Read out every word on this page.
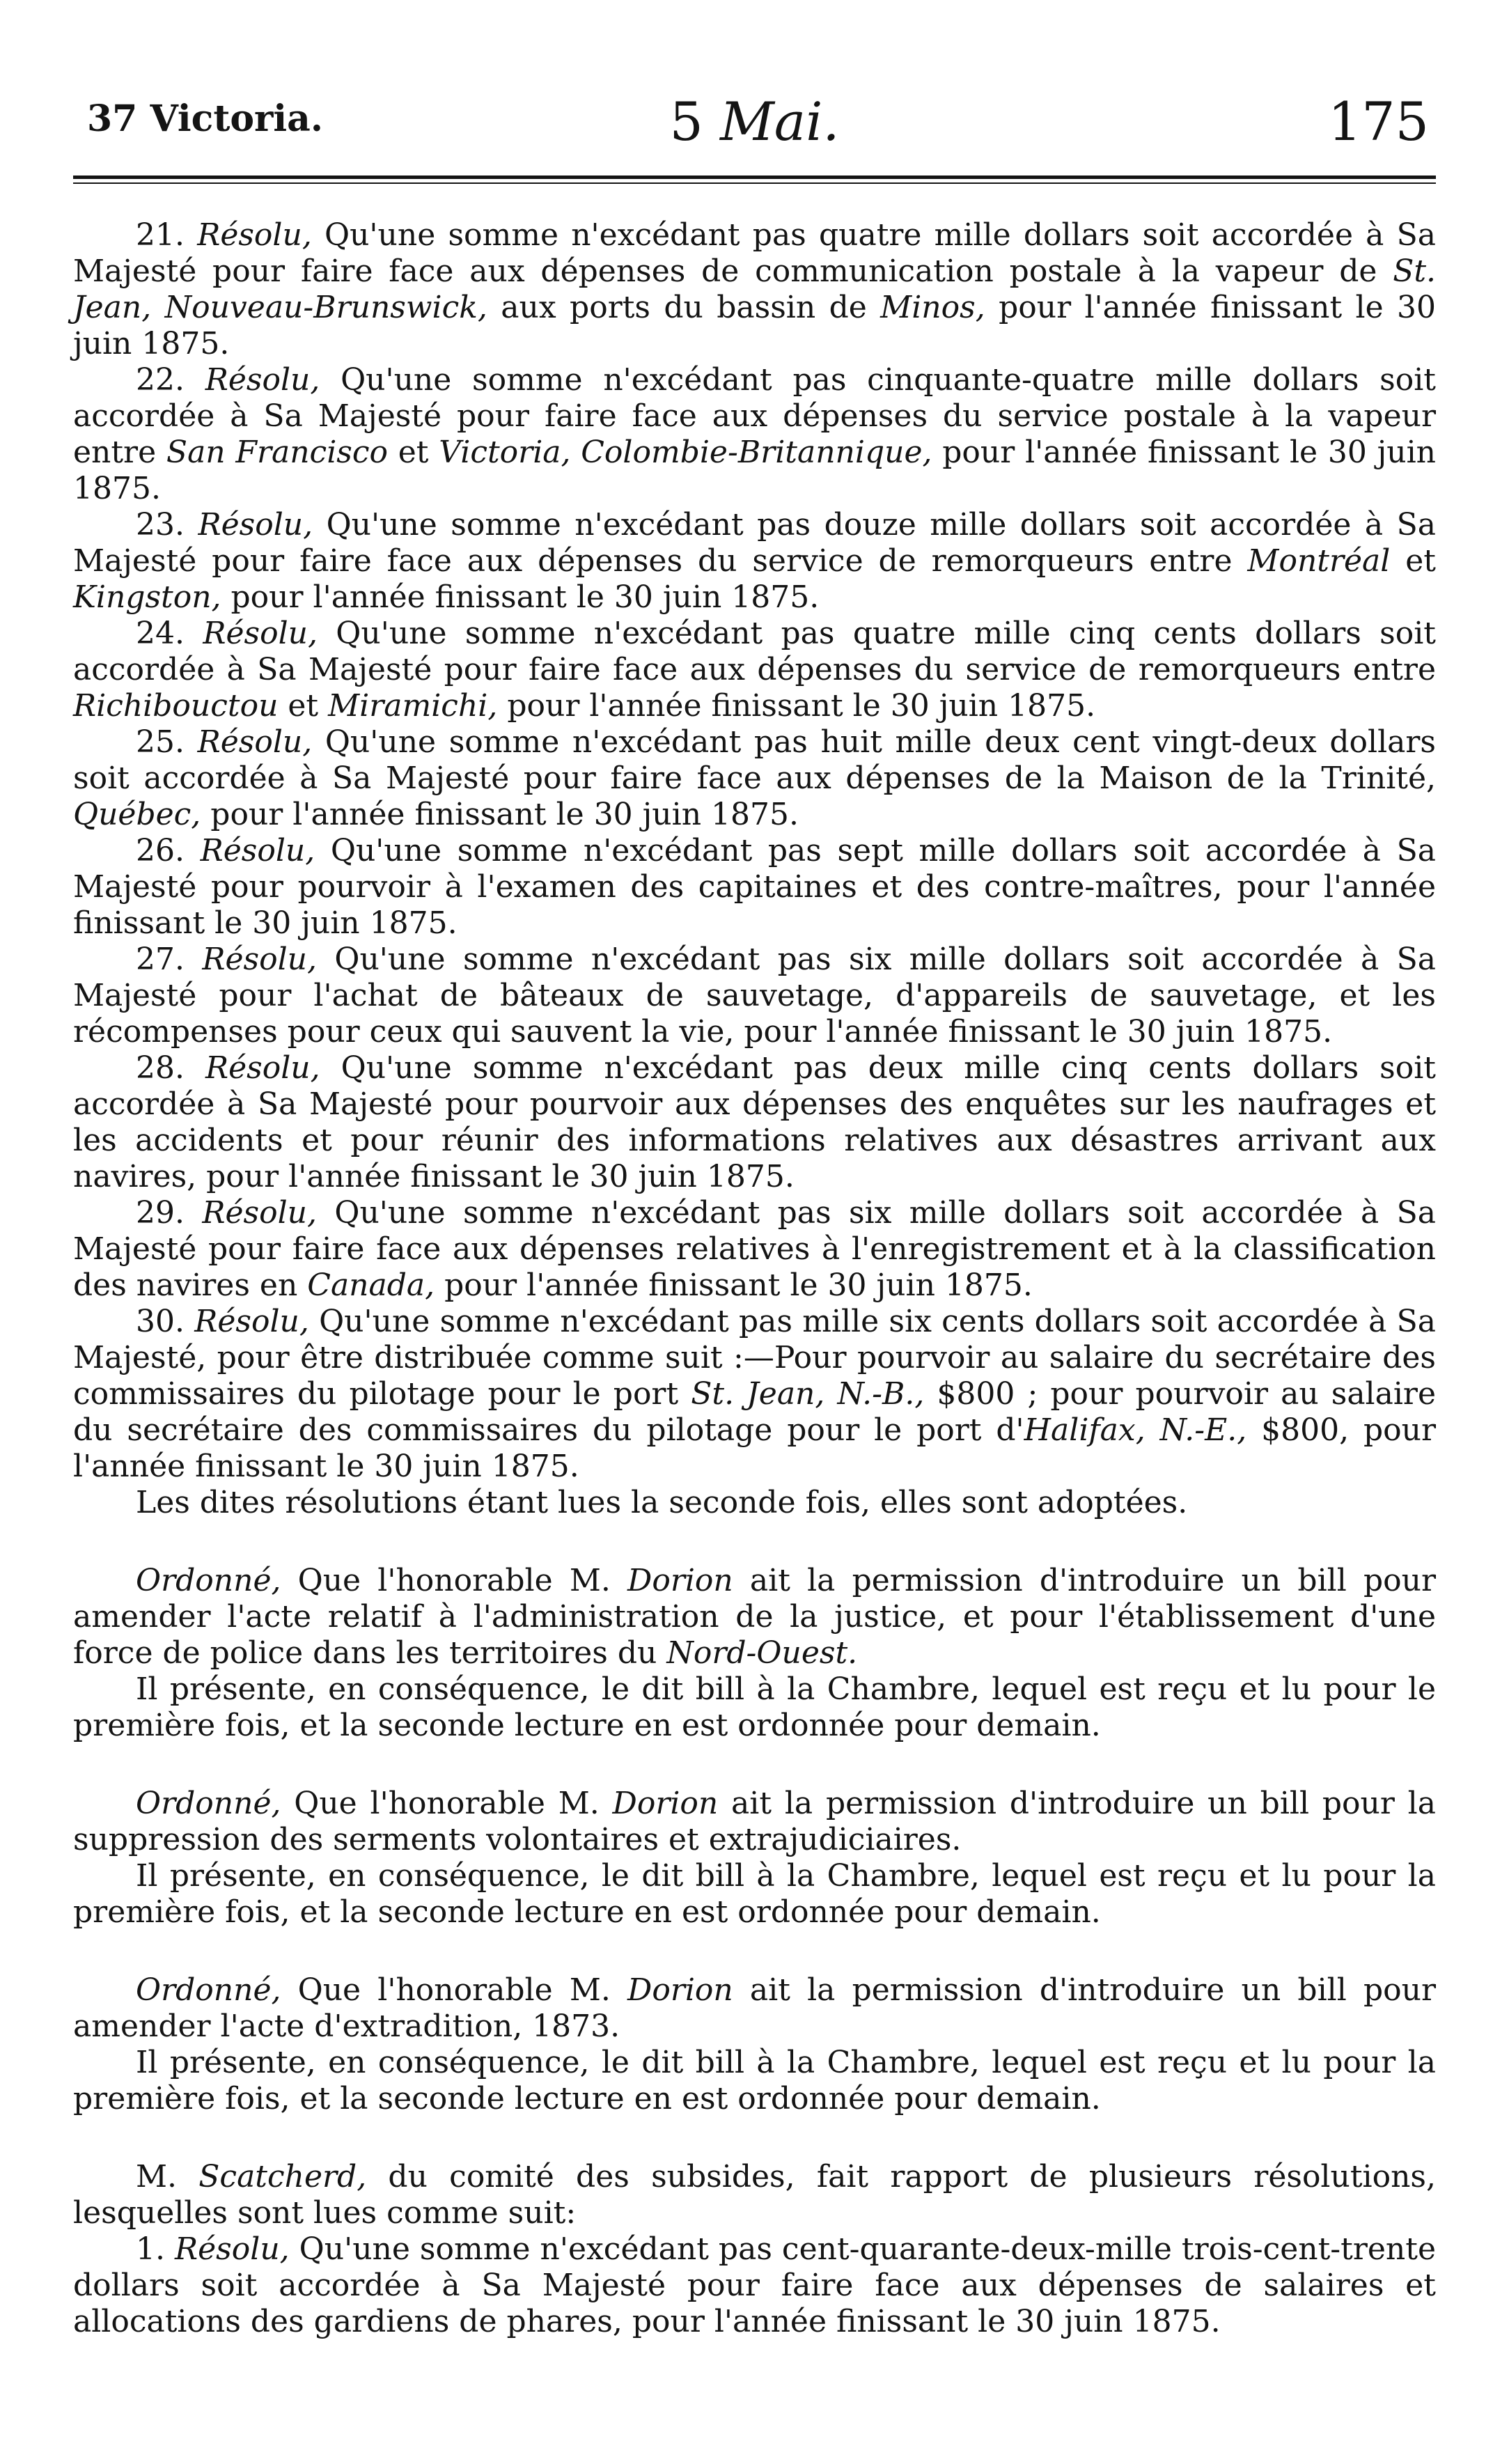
37 Victoria.	5 Mai.	175

21. Résolu, Qu'une somme n'excédant pas quatre mille dollars soit accordée à Sa Majesté pour faire face aux dépenses de communication postale à la vapeur de St. Jean, Nouveau-Brunswick, aux ports du bassin de Minos, pour l'année finissant le 30 juin 1875.

22. Résolu, Qu'une somme n'excédant pas cinquante-quatre mille dollars soit accordée à Sa Majesté pour faire face aux dépenses du service postale à la vapeur entre San Francisco et Victoria, Colombie-Britannique, pour l'année finissant le 30 juin 1875.

23. Résolu, Qu'une somme n'excédant pas douze mille dollars soit accordée à Sa Majesté pour faire face aux dépenses du service de remorqueurs entre Montréal et Kingston, pour l'année finissant le 30 juin 1875.

24. Résolu, Qu'une somme n'excédant pas quatre mille cinq cents dollars soit accordée à Sa Majesté pour faire face aux dépenses du service de remorqueurs entre Richibouctou et Miramichi, pour l'année finissant le 30 juin 1875.

25. Résolu, Qu'une somme n'excédant pas huit mille deux cent vingt-deux dollars soit accordée à Sa Majesté pour faire face aux dépenses de la Maison de la Trinité, Québec, pour l'année finissant le 30 juin 1875.

26. Résolu, Qu'une somme n'excédant pas sept mille dollars soit accordée à Sa Majesté pour pourvoir à l'examen des capitaines et des contre-maîtres, pour l'année finissant le 30 juin 1875.

27. Résolu, Qu'une somme n'excédant pas six mille dollars soit accordée à Sa Majesté pour l'achat de bâteaux de sauvetage, d'appareils de sauvetage, et les récompenses pour ceux qui sauvent la vie, pour l'année finissant le 30 juin 1875.

28. Résolu, Qu'une somme n'excédant pas deux mille cinq cents dollars soit accordée à Sa Majesté pour pourvoir aux dépenses des enquêtes sur les naufrages et les accidents et pour réunir des informations relatives aux désastres arrivant aux navires, pour l'année finissant le 30 juin 1875.

29. Résolu, Qu'une somme n'excédant pas six mille dollars soit accordée à Sa Majesté pour faire face aux dépenses relatives à l'enregistrement et à la classification des navires en Canada, pour l'année finissant le 30 juin 1875.

30. Résolu, Qu'une somme n'excédant pas mille six cents dollars soit accordée à Sa Majesté, pour être distribuée comme suit :—Pour pourvoir au salaire du secrétaire des commissaires du pilotage pour le port St. Jean, N.-B., $800 ; pour pourvoir au salaire du secrétaire des commissaires du pilotage pour le port d'Halifax, N.-E., $800, pour l'année finissant le 30 juin 1875.

Les dites résolutions étant lues la seconde fois, elles sont adoptées.

Ordonné, Que l'honorable M. Dorion ait la permission d'introduire un bill pour amender l'acte relatif à l'administration de la justice, et pour l'établissement d'une force de police dans les territoires du Nord-Ouest.

Il présente, en conséquence, le dit bill à la Chambre, lequel est reçu et lu pour le première fois, et la seconde lecture en est ordonnée pour demain.

Ordonné, Que l'honorable M. Dorion ait la permission d'introduire un bill pour la suppression des serments volontaires et extrajudiciaires.

Il présente, en conséquence, le dit bill à la Chambre, lequel est reçu et lu pour la première fois, et la seconde lecture en est ordonnée pour demain.

Ordonné, Que l'honorable M. Dorion ait la permission d'introduire un bill pour amender l'acte d'extradition, 1873.

Il présente, en conséquence, le dit bill à la Chambre, lequel est reçu et lu pour la première fois, et la seconde lecture en est ordonnée pour demain.

M. Scatcherd, du comité des subsides, fait rapport de plusieurs résolutions, lesquelles sont lues comme suit:

1. Résolu, Qu'une somme n'excédant pas cent-quarante-deux-mille trois-cent-trente dollars soit accordée à Sa Majesté pour faire face aux dépenses de salaires et allocations des gardiens de phares, pour l'année finissant le 30 juin 1875.
